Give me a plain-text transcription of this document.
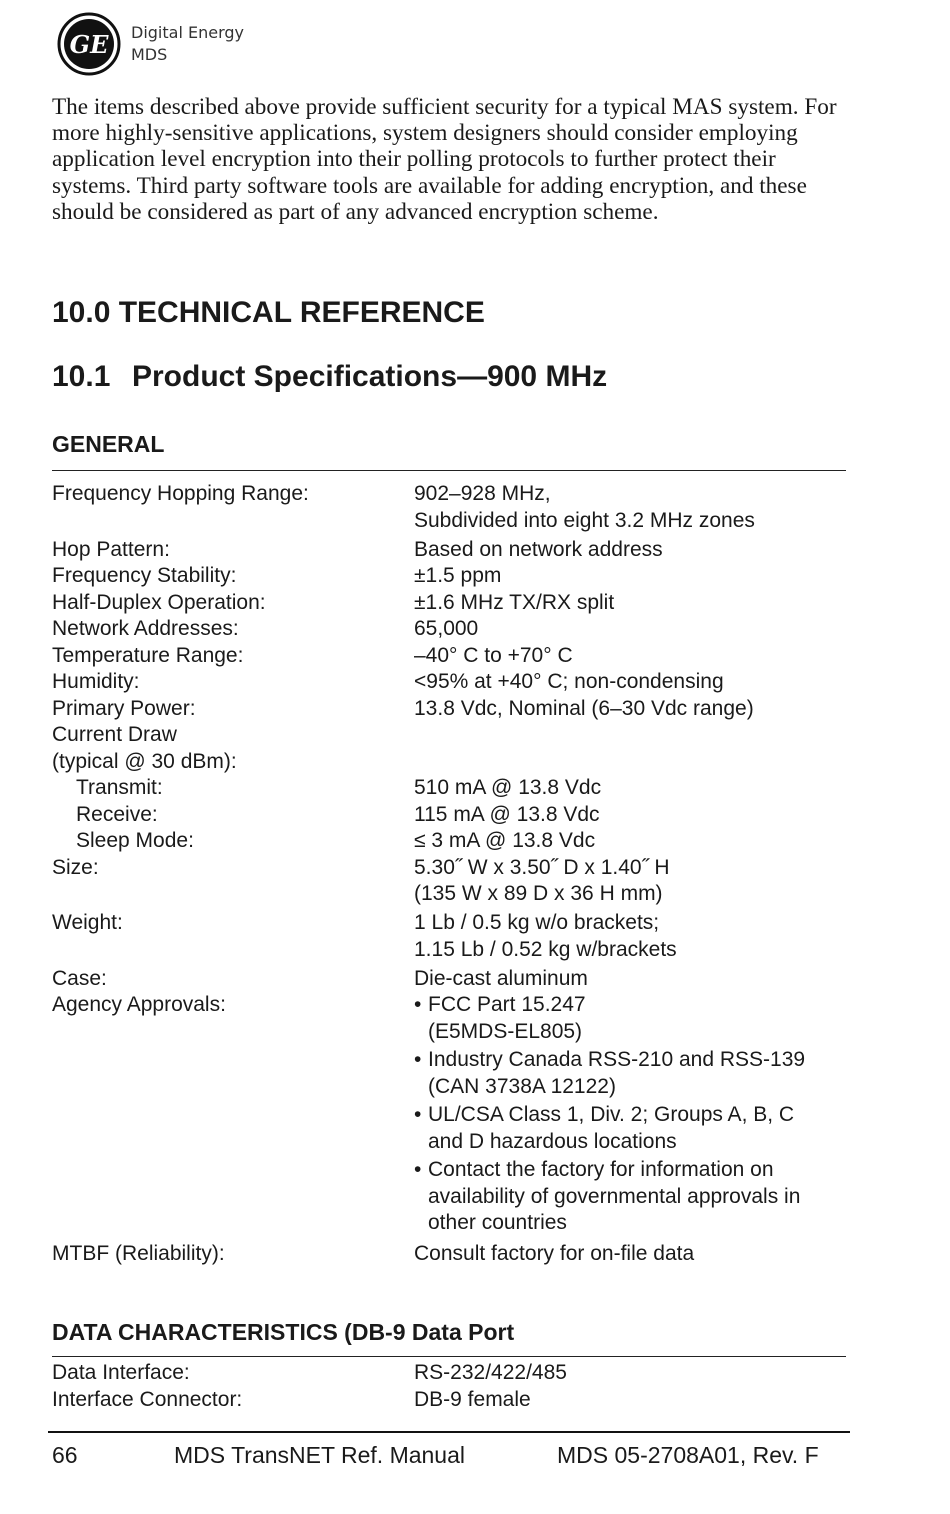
GE Digital Energy
MDS

The items described above provide sufficient security for a typical MAS system. For more highly-sensitive applications, system designers should consider employing application level encryption into their polling protocols to further protect their systems. Third party software tools are available for adding encryption, and these should be considered as part of any advanced encryption scheme.

10.0 TECHNICAL REFERENCE
10.1 Product Specifications—900 MHz
GENERAL
Frequency Hopping Range:	902–928 MHz,
Subdivided into eight 3.2 MHz zones
Hop Pattern:	Based on network address
Frequency Stability:	±1.5 ppm
Half-Duplex Operation:	±1.6 MHz TX/RX split
Network Addresses:	65,000
Temperature Range:	–40° C to +70° C
Humidity:	<95% at +40° C; non-condensing
Primary Power:	13.8 Vdc, Nominal (6–30 Vdc range)
Current Draw

(typical @ 30 dBm):

Transmit:	510 mA @ 13.8 Vdc
Receive:	115 mA @ 13.8 Vdc
Sleep Mode:	≤ 3 mA @ 13.8 Vdc
Size:	5.30˝ W x 3.50˝ D x 1.40˝ H
(135 W x 89 D x 36 H mm)
Weight:	1 Lb / 0.5 kg w/o brackets;
1.15 Lb / 0.52 kg w/brackets
Case:	Die-cast aluminum
Agency Approvals:	• FCC Part 15.247
(E5MDS-EL805)
• Industry Canada RSS-210 and RSS-139
(CAN 3738A 12122)
• UL/CSA Class 1, Div. 2; Groups A, B, C
and D hazardous locations
• Contact the factory for information on
availability of governmental approvals in
other countries
MTBF (Reliability):	Consult factory for on-file data
DATA CHARACTERISTICS (DB-9 Data Port
Data Interface:	RS-232/422/485
Interface Connector:	DB-9 female
66	MDS TransNET Ref. Manual	MDS 05-2708A01, Rev. F
